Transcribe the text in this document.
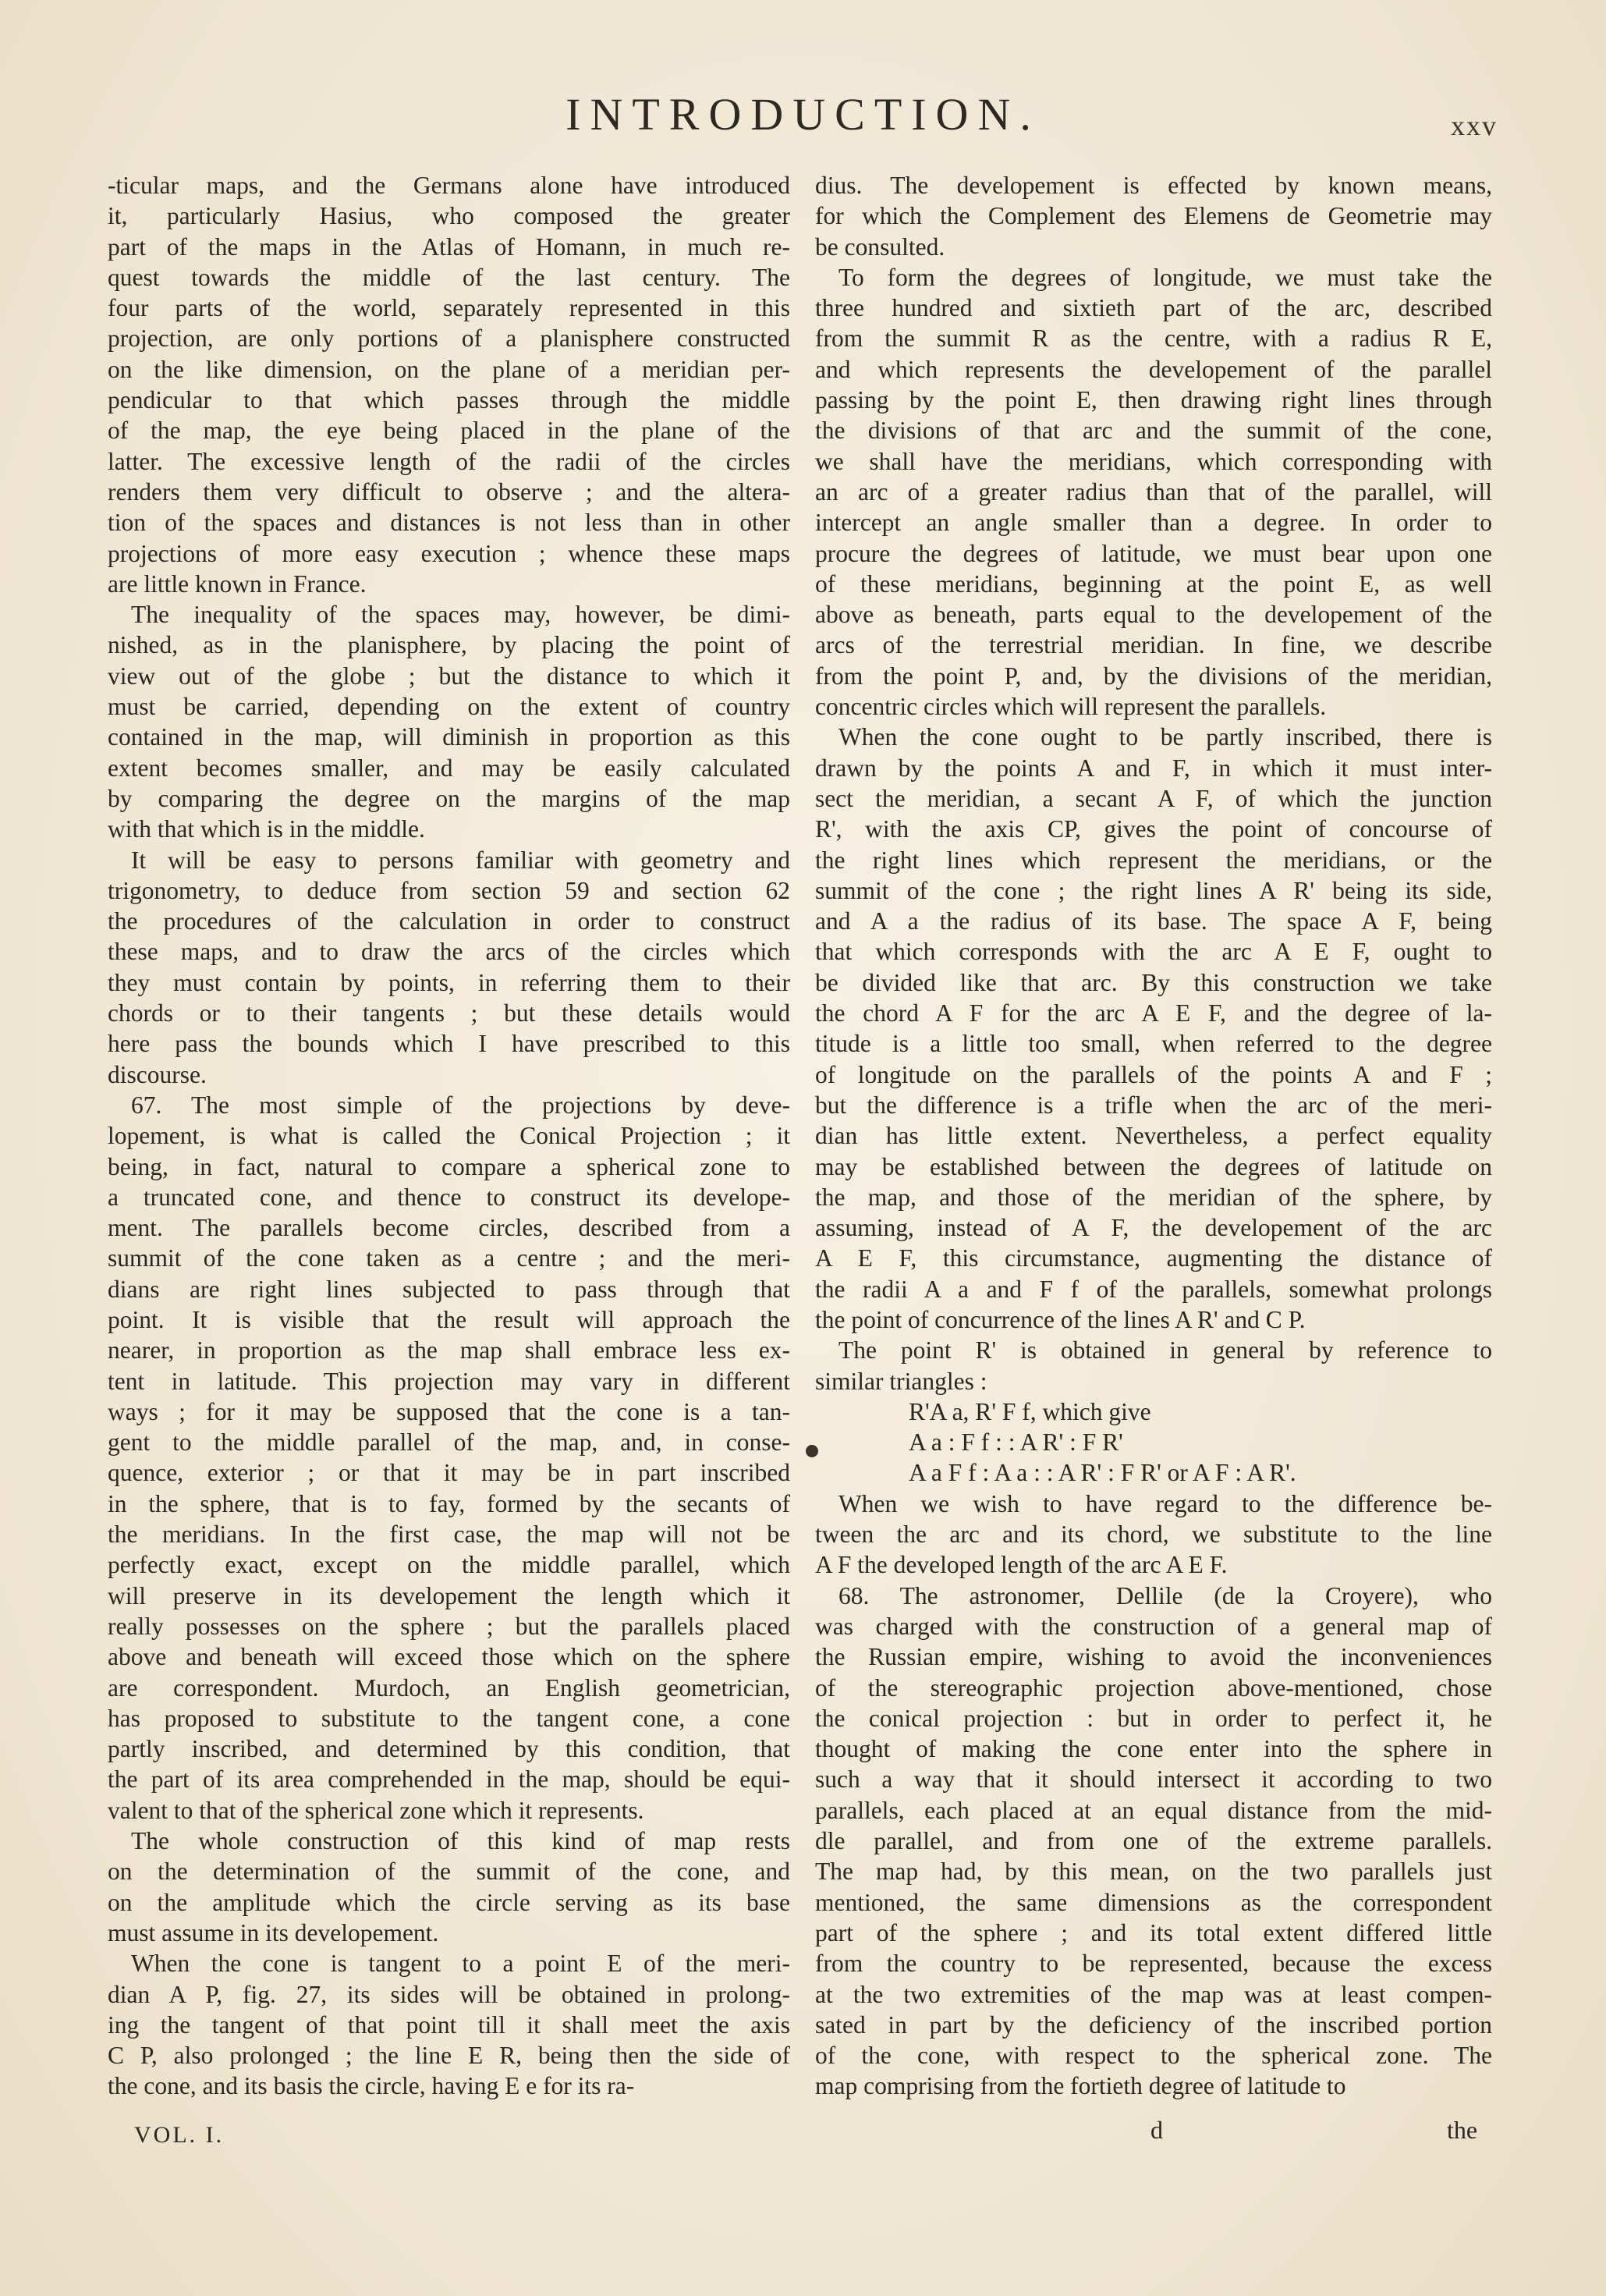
INTRODUCTION.	xxv
-ticular maps, and the Germans alone have introduced
it, particularly Hasius, who composed the greater
part of the maps in the Atlas of Homann, in much re-
quest towards the middle of the last century. The
four parts of the world, separately represented in this
projection, are only portions of a planisphere constructed
on the like dimension, on the plane of a meridian per-
pendicular to that which passes through the middle
of the map, the eye being placed in the plane of the
latter. The excessive length of the radii of the circles
renders them very difficult to observe ; and the altera-
tion of the spaces and distances is not less than in other
projections of more easy execution ; whence these maps
are little known in France.
The inequality of the spaces may, however, be dimi-
nished, as in the planisphere, by placing the point of
view out of the globe ; but the distance to which it
must be carried, depending on the extent of country
contained in the map, will diminish in proportion as this
extent becomes smaller, and may be easily calculated
by comparing the degree on the margins of the map
with that which is in the middle.
It will be easy to persons familiar with geometry and
trigonometry, to deduce from section 59 and section 62
the procedures of the calculation in order to construct
these maps, and to draw the arcs of the circles which
they must contain by points, in referring them to their
chords or to their tangents ; but these details would
here pass the bounds which I have prescribed to this
discourse.
67. The most simple of the projections by deve-
lopement, is what is called the Conical Projection ; it
being, in fact, natural to compare a spherical zone to
a truncated cone, and thence to construct its develope-
ment. The parallels become circles, described from a
summit of the cone taken as a centre ; and the meri-
dians are right lines subjected to pass through that
point. It is visible that the result will approach the
nearer, in proportion as the map shall embrace less ex-
tent in latitude. This projection may vary in different
ways ; for it may be supposed that the cone is a tan-
gent to the middle parallel of the map, and, in conse-
quence, exterior ; or that it may be in part inscribed
in the sphere, that is to fay, formed by the secants of
the meridians. In the first case, the map will not be
perfectly exact, except on the middle parallel, which
will preserve in its developement the length which it
really possesses on the sphere ; but the parallels placed
above and beneath will exceed those which on the sphere
are correspondent. Murdoch, an English geometrician,
has proposed to substitute to the tangent cone, a cone
partly inscribed, and determined by this condition, that
the part of its area comprehended in the map, should be equi-
valent to that of the spherical zone which it represents.
The whole construction of this kind of map rests
on the determination of the summit of the cone, and
on the amplitude which the circle serving as its base
must assume in its developement.
When the cone is tangent to a point E of the meri-
dian A P, fig. 27, its sides will be obtained in prolong-
ing the tangent of that point till it shall meet the axis
C P, also prolonged ; the line E R, being then the side of
the cone, and its basis the circle, having E e for its ra-
dius. The developement is effected by known means,
for which the Complement des Elemens de Geometrie may
be consulted.
To form the degrees of longitude, we must take the
three hundred and sixtieth part of the arc, described
from the summit R as the centre, with a radius R E,
and which represents the developement of the parallel
passing by the point E, then drawing right lines through
the divisions of that arc and the summit of the cone,
we shall have the meridians, which corresponding with
an arc of a greater radius than that of the parallel, will
intercept an angle smaller than a degree. In order to
procure the degrees of latitude, we must bear upon one
of these meridians, beginning at the point E, as well
above as beneath, parts equal to the developement of the
arcs of the terrestrial meridian. In fine, we describe
from the point P, and, by the divisions of the meridian,
concentric circles which will represent the parallels.
When the cone ought to be partly inscribed, there is
drawn by the points A and F, in which it must inter-
sect the meridian, a secant A F, of which the junction
R', with the axis CP, gives the point of concourse of
the right lines which represent the meridians, or the
summit of the cone ; the right lines A R' being its side,
and A a the radius of its base. The space A F, being
that which corresponds with the arc A E F, ought to
be divided like that arc. By this construction we take
the chord A F for the arc A E F, and the degree of la-
titude is a little too small, when referred to the degree
of longitude on the parallels of the points A and F ;
but the difference is a trifle when the arc of the meri-
dian has little extent. Nevertheless, a perfect equality
may be established between the degrees of latitude on
the map, and those of the meridian of the sphere, by
assuming, instead of A F, the developement of the arc
A E F, this circumstance, augmenting the distance of
the radii A a and F f of the parallels, somewhat prolongs
the point of concurrence of the lines A R' and C P.
The point R' is obtained in general by reference to
similar triangles :
R'A a, R' F f, which give
A a : F f : : A R' : F R'
A a F f : A a : : A R' : F R' or A F : A R'.
When we wish to have regard to the difference be-
tween the arc and its chord, we substitute to the line
A F the developed length of the arc A E F.
68. The astronomer, Dellile (de la Croyere), who
was charged with the construction of a general map of
the Russian empire, wishing to avoid the inconveniences
of the stereographic projection above-mentioned, chose
the conical projection : but in order to perfect it, he
thought of making the cone enter into the sphere in
such a way that it should intersect it according to two
parallels, each placed at an equal distance from the mid-
dle parallel, and from one of the extreme parallels.
The map had, by this mean, on the two parallels just
mentioned, the same dimensions as the correspondent
part of the sphere ; and its total extent differed little
from the country to be represented, because the excess
at the two extremities of the map was at least compen-
sated in part by the deficiency of the inscribed portion
of the cone, with respect to the spherical zone. The
map comprising from the fortieth degree of latitude to
VOL. I.	d	the
